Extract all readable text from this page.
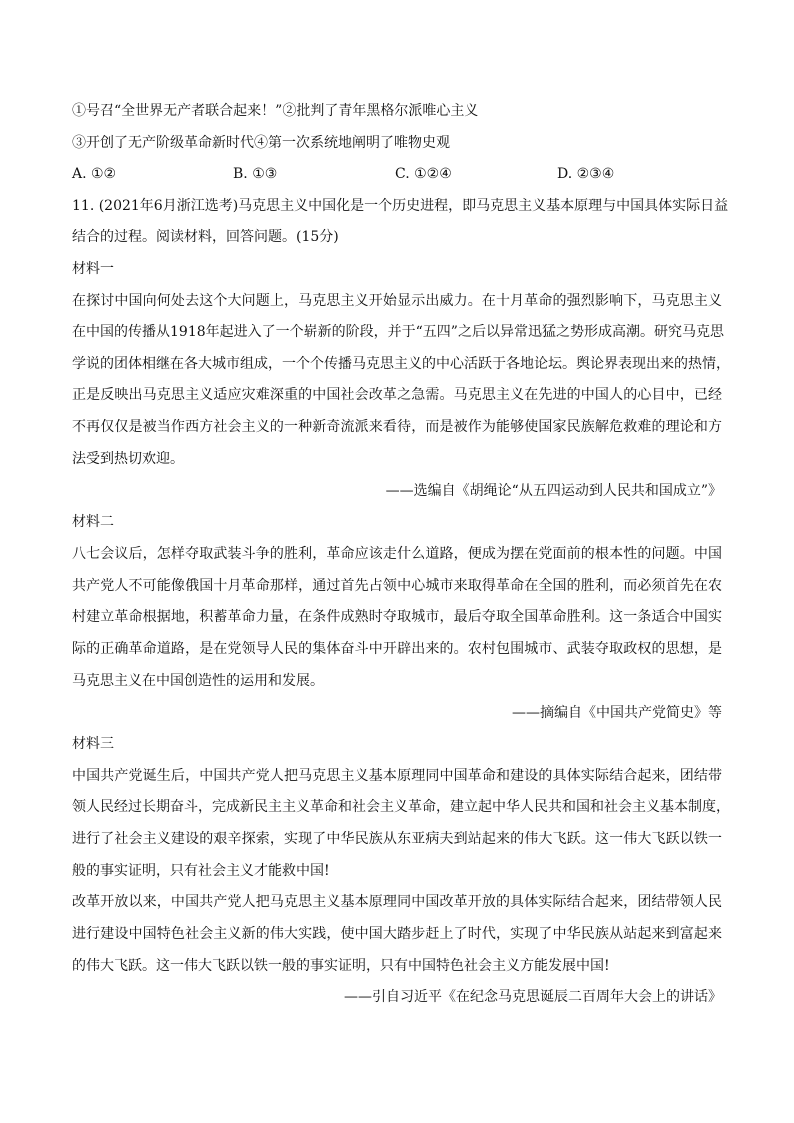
①号召“全世界无产者联合起来！”②批判了青年黑格尔派唯心主义
③开创了无产阶级革命新时代④第一次系统地阐明了唯物史观
A. ①②	B. ①③	C. ①②④	D. ②③④
11. (2021年6月浙江选考)马克思主义中国化是一个历史进程，即马克思主义基本原理与中国具体实际日益
结合的过程。阅读材料，回答问题。(15分)
材料一
在探讨中国向何处去这个大问题上，马克思主义开始显示出威力。在十月革命的强烈影响下，马克思主义
在中国的传播从1918年起进入了一个崭新的阶段，并于“五四”之后以异常迅猛之势形成高潮。研究马克思
学说的团体相继在各大城市组成，一个个传播马克思主义的中心活跃于各地论坛。舆论界表现出来的热情，
正是反映出马克思主义适应灾难深重的中国社会改革之急需。马克思主义在先进的中国人的心目中，已经
不再仅仅是被当作西方社会主义的一种新奇流派来看待，而是被作为能够使国家民族解危救难的理论和方
法受到热切欢迎。
——选编自《胡绳论“从五四运动到人民共和国成立”》
材料二
八七会议后，怎样夺取武装斗争的胜利，革命应该走什么道路，便成为摆在党面前的根本性的问题。中国
共产党人不可能像俄国十月革命那样，通过首先占领中心城市来取得革命在全国的胜利，而必须首先在农
村建立革命根据地，积蓄革命力量，在条件成熟时夺取城市，最后夺取全国革命胜利。这一条适合中国实
际的正确革命道路，是在党领导人民的集体奋斗中开辟出来的。农村包围城市、武装夺取政权的思想，是
马克思主义在中国创造性的运用和发展。
——摘编自《中国共产党简史》等
材料三
中国共产党诞生后，中国共产党人把马克思主义基本原理同中国革命和建设的具体实际结合起来，团结带
领人民经过长期奋斗，完成新民主主义革命和社会主义革命，建立起中华人民共和国和社会主义基本制度，
进行了社会主义建设的艰辛探索，实现了中华民族从东亚病夫到站起来的伟大飞跃。这一伟大飞跃以铁一
般的事实证明，只有社会主义才能救中国!
改革开放以来，中国共产党人把马克思主义基本原理同中国改革开放的具体实际结合起来，团结带领人民
进行建设中国特色社会主义新的伟大实践，使中国大踏步赶上了时代，实现了中华民族从站起来到富起来
的伟大飞跃。这一伟大飞跃以铁一般的事实证明，只有中国特色社会主义方能发展中国!
——引自习近平《在纪念马克思诞辰二百周年大会上的讲话》
